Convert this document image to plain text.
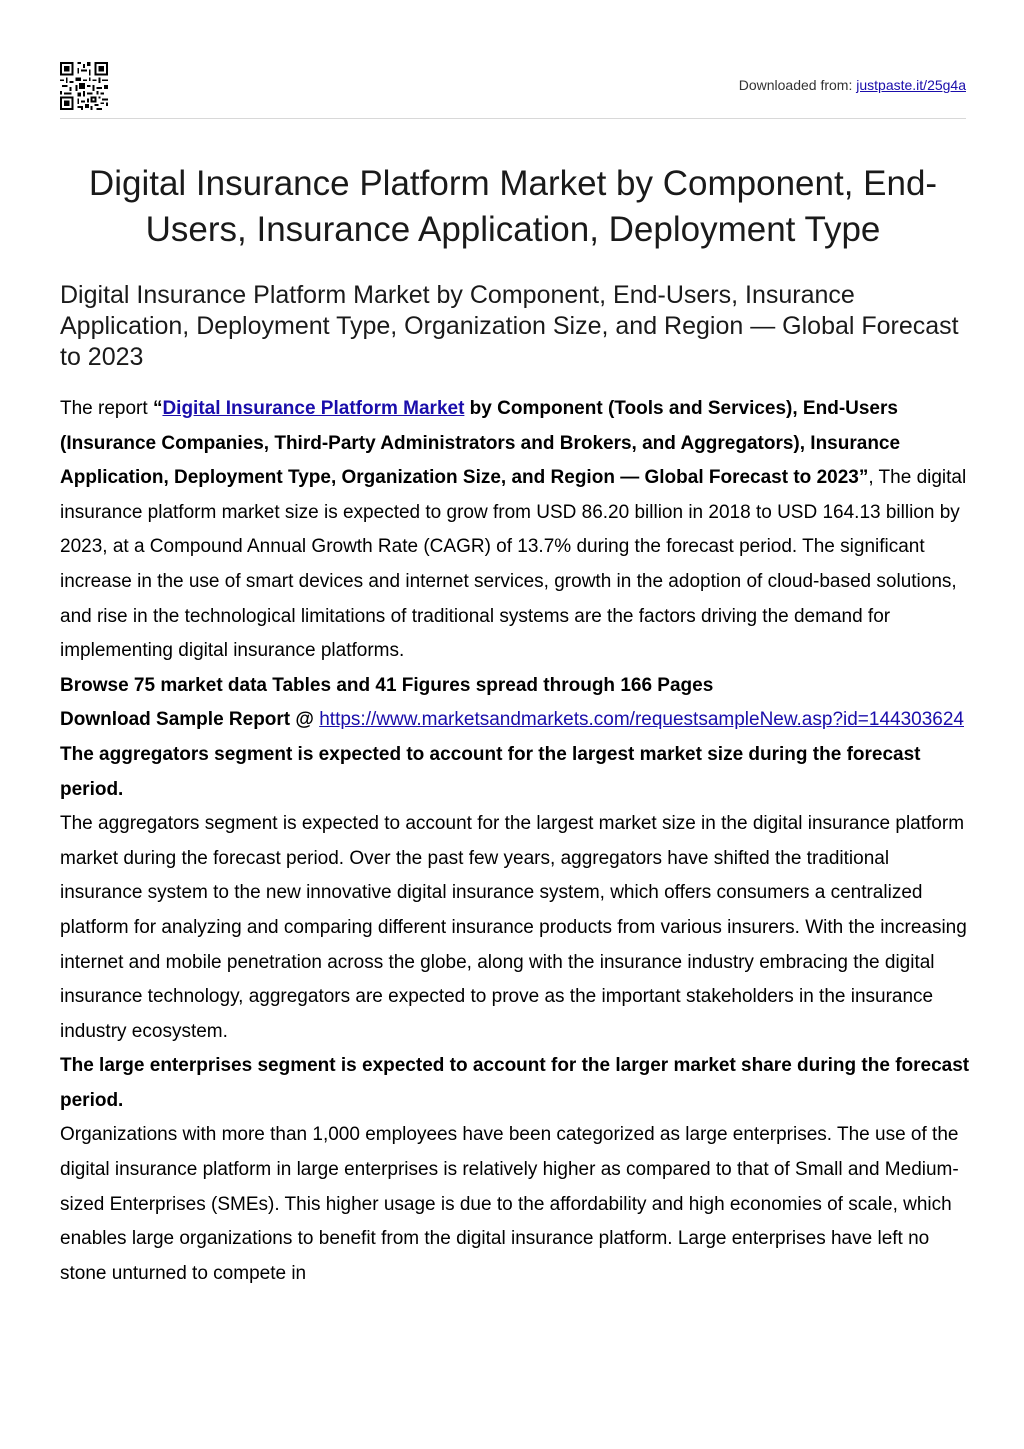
Downloaded from: justpaste.it/25g4a
Digital Insurance Platform Market by Component, End-Users, Insurance Application, Deployment Type
Digital Insurance Platform Market by Component, End-Users, Insurance Application, Deployment Type, Organization Size, and Region — Global Forecast to 2023

The report “Digital Insurance Platform Market by Component (Tools and Services), End-Users (Insurance Companies, Third-Party Administrators and Brokers, and Aggregators), Insurance Application, Deployment Type, Organization Size, and Region — Global Forecast to 2023”, The digital insurance platform market size is expected to grow from USD 86.20 billion in 2018 to USD 164.13 billion by 2023, at a Compound Annual Growth Rate (CAGR) of 13.7% during the forecast period. The significant increase in the use of smart devices and internet services, growth in the adoption of cloud-based solutions, and rise in the technological limitations of traditional systems are the factors driving the demand for implementing digital insurance platforms.

Browse 75 market data Tables and 41 Figures spread through 166 Pages

Download Sample Report @ https://www.marketsandmarkets.com/requestsampleNew.asp?id=144303624

The aggregators segment is expected to account for the largest market size during the forecast period.

The aggregators segment is expected to account for the largest market size in the digital insurance platform market during the forecast period. Over the past few years, aggregators have shifted the traditional insurance system to the new innovative digital insurance system, which offers consumers a centralized platform for analyzing and comparing different insurance products from various insurers. With the increasing internet and mobile penetration across the globe, along with the insurance industry embracing the digital insurance technology, aggregators are expected to prove as the important stakeholders in the insurance industry ecosystem.

The large enterprises segment is expected to account for the larger market share during the forecast period.

Organizations with more than 1,000 employees have been categorized as large enterprises. The use of the digital insurance platform in large enterprises is relatively higher as compared to that of Small and Medium-sized Enterprises (SMEs). This higher usage is due to the affordability and high economies of scale, which enables large organizations to benefit from the digital insurance platform. Large enterprises have left no stone unturned to compete in
